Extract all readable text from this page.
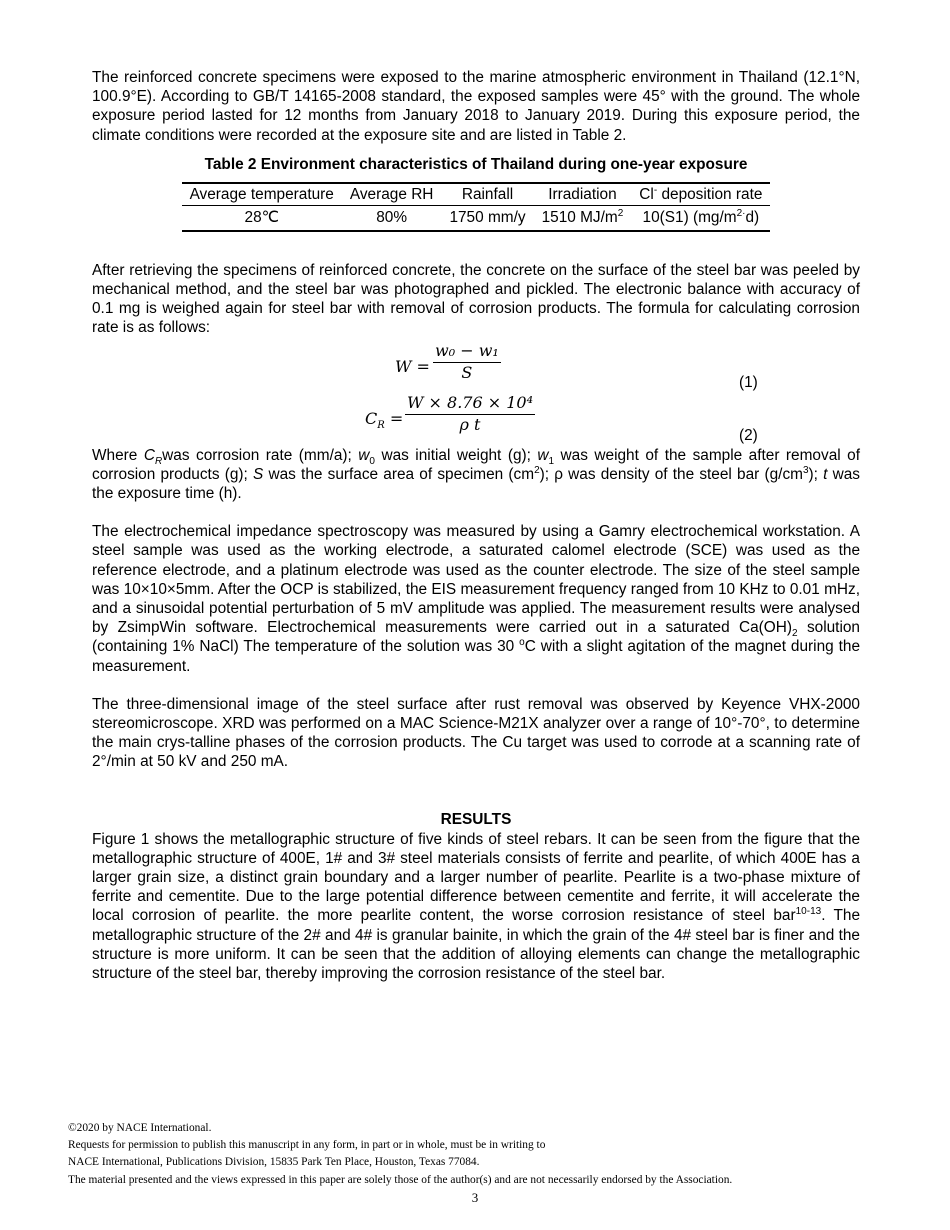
The reinforced concrete specimens were exposed to the marine atmospheric environment in Thailand (12.1°N, 100.9°E). According to GB/T 14165-2008 standard, the exposed samples were 45° with the ground. The whole exposure period lasted for 12 months from January 2018 to January 2019. During this exposure period, the climate conditions were recorded at the exposure site and are listed in Table 2.

Table 2 Environment characteristics of Thailand during one-year exposure
Average temperature	Average RH	Rainfall	Irradiation	Cl- deposition rate
28℃	80%	1750 mm/y	1510 $MJ/m^2$	10(S1) $(mg/m^{2\cdot}d)$

After retrieving the specimens of reinforced concrete, the concrete on the surface of the steel bar was peeled by mechanical method, and the steel bar was photographed and pickled. The electronic balance with accuracy of 0.1 mg is weighed again for steel bar with removal of corrosion products. The formula for calculating corrosion rate is as follows:

$W = \frac{\text{w₀ − w₁}}{S}$	(1)
$C_R = \frac{\text{W × 8.76 × 10⁴}}{\text{ρ t}}$
(2)

Where $C_Rwas$ corrosion rate (mm/a); $w_0$ was initial weight (g); $w_1$ was weight of the sample after removal of corrosion products (g); S was the surface area of specimen $(cm^2)$; ρ was density of the steel bar $(g/cm^3)$; t was the exposure time (h).

The electrochemical impedance spectroscopy was measured by using a Gamry electrochemical workstation. A steel sample was used as the working electrode, a saturated calomel electrode (SCE) was used as the reference electrode, and a platinum electrode was used as the counter electrode. The size of the steel sample was 10×10×5mm. After the OCP is stabilized, the EIS measurement frequency ranged from 10 KHz to 0.01 mHz, and a sinusoidal potential perturbation of 5 mV amplitude was applied. The measurement results were analysed by ZsimpWin software. Electrochemical measurements were carried out in a saturated $Ca(OH)_2$ solution (containing 1% NaCl) The temperature of the solution was 30 $^o$C with a slight agitation of the magnet during the measurement.

The three-dimensional image of the steel surface after rust removal was observed by Keyence VHX-2000 stereomicroscope. XRD was performed on a MAC Science-M21X analyzer over a range of 10°-70°, to determine the main crys-talline phases of the corrosion products. The Cu target was used to corrode at a scanning rate of 2°/min at 50 kV and 250 mA.

RESULTS

Figure 1 shows the metallographic structure of five kinds of steel rebars. It can be seen from the figure that the metallographic structure of 400E, 1# and 3# steel materials consists of ferrite and pearlite, of which 400E has a larger grain size, a distinct grain boundary and a larger number of pearlite. Pearlite is a two-phase mixture of ferrite and cementite. Due to the large potential difference between cementite and ferrite, it will accelerate the local corrosion of pearlite. the more pearlite content, the worse corrosion resistance of steel bar$^{10-13}$. The metallographic structure of the 2# and 4# is granular bainite, in which the grain of the 4# steel bar is finer and the structure is more uniform. It can be seen that the addition of alloying elements can change the metallographic structure of the steel bar, thereby improving the corrosion resistance of the steel bar.

©2020 by NACE International.
Requests for permission to publish this manuscript in any form, in part or in whole, must be in writing to
NACE International, Publications Division, 15835 Park Ten Place, Houston, Texas 77084.
The material presented and the views expressed in this paper are solely those of the author(s) and are not necessarily endorsed by the Association.
3
